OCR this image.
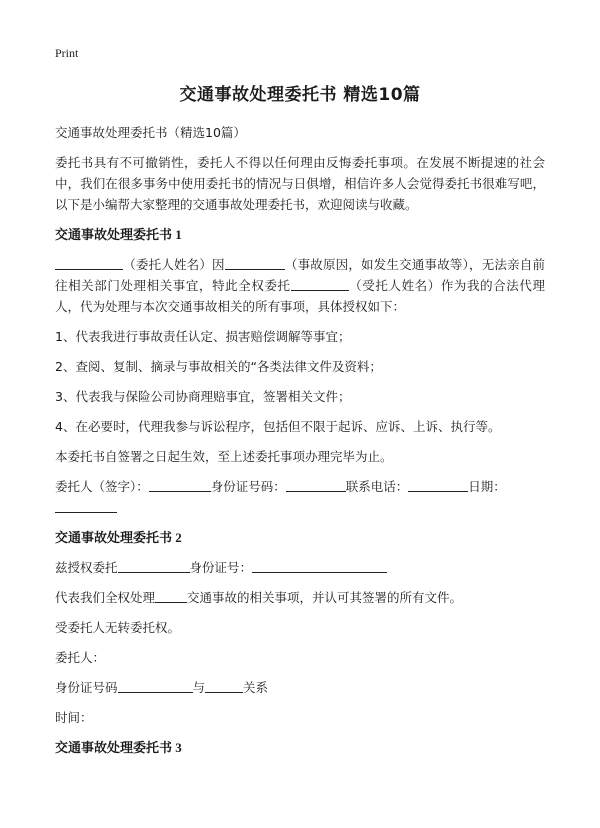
Print
交通事故处理委托书 精选10篇

交通事故处理委托书（精选10篇）

委托书具有不可撤销性，委托人不得以任何理由反悔委托事项。在发展不断提速的社会中，我们在很多事务中使用委托书的情况与日俱增，相信许多人会觉得委托书很难写吧，以下是小编帮大家整理的交通事故处理委托书，欢迎阅读与收藏。

交通事故处理委托书 1

（委托人姓名）因	（事故原因，如发生交通事故等），无法亲自前往相关部门处理相关事宜，特此全权委托	（受托人姓名）作为我的合法代理人，代为处理与本次交通事故相关的所有事项，具体授权如下：

1、代表我进行事故责任认定、损害赔偿调解等事宜；

2、查阅、复制、摘录与事故相关的“各类法律文件及资料；

3、代表我与保险公司协商理赔事宜，签署相关文件；

4、在必要时，代理我参与诉讼程序，包括但不限于起诉、应诉、上诉、执行等。

本委托书自签署之日起生效，至上述委托事项办理完毕为止。

委托人（签字）：	身份证号码：	联系电话：	日期：

交通事故处理委托书 2

兹授权委托	身份证号：

代表我们全权处理	交通事故的相关事项，并认可其签署的所有文件。

受委托人无转委托权。

委托人：

身份证号码	与	关系

时间：

交通事故处理委托书 3
